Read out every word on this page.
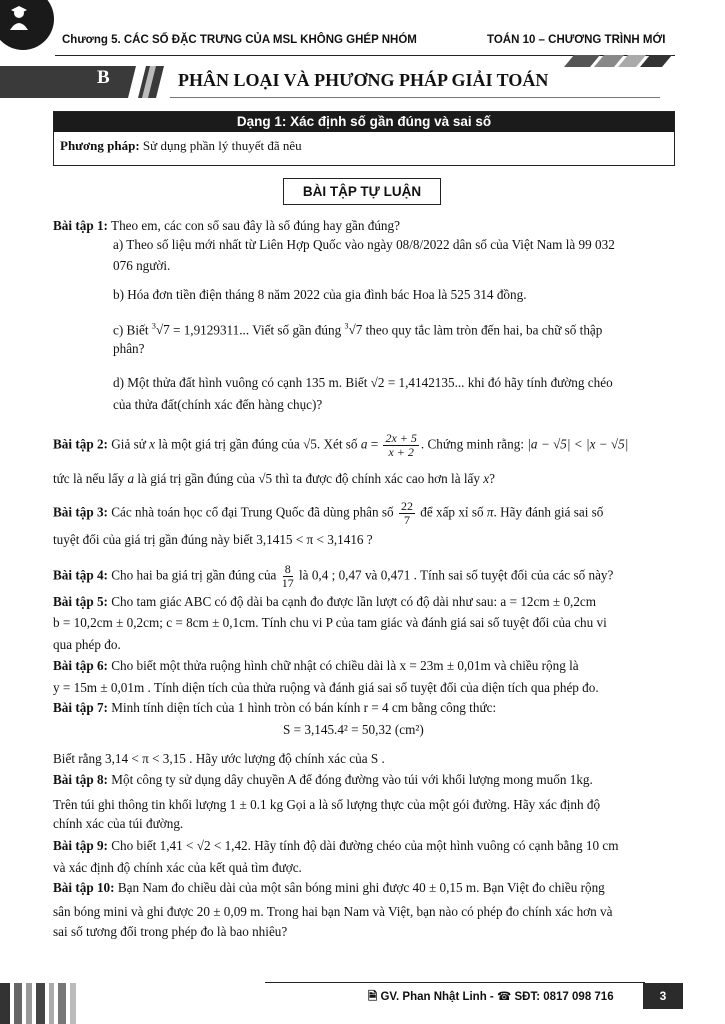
Chương 5. CÁC SỐ ĐẶC TRƯNG CỦA MSL KHÔNG GHÉP NHÓM	TOÁN 10 – CHƯƠNG TRÌNH MỚI
B	PHÂN LOẠI VÀ PHƯƠNG PHÁP GIẢI TOÁN
Dạng 1: Xác định số gần đúng và sai số
Phương pháp: Sử dụng phần lý thuyết đã nêu
BÀI TẬP TỰ LUẬN
Bài tập 1: Theo em, các con số sau đây là số đúng hay gần đúng?
a) Theo số liệu mới nhất từ Liên Hợp Quốc vào ngày 08/8/2022 dân số của Việt Nam là 99 032
076 người.
b) Hóa đơn tiền điện tháng 8 năm 2022 của gia đình bác Hoa là 525 314 đồng.
c) Biết $^3$√7 = 1,9129311... Viết số gần đúng $^3$√7 theo quy tắc làm tròn đến hai, ba chữ số thập
phân?
d) Một thửa đất hình vuông có cạnh 135 m. Biết √2 = 1,4142135... khi đó hãy tính đường chéo
của thửa đất(chính xác đến hàng chục)?
Bài tập 2: Giả sử x là một giá trị gần đúng của √5. Xét số $a = \frac{2x + 5}{x + 2}$ . Chứng minh rằng: |a − √5| < |x − √5|
tức là nếu lấy a là giá trị gần đúng của √5 thì ta được độ chính xác cao hơn là lấy x?
Bài tập 3: Các nhà toán học cổ đại Trung Quốc đã dùng phân số $\frac{22}{7}$ để xấp xỉ số π. Hãy đánh giá sai số
tuyệt đối của giá trị gần đúng này biết 3,1415 < π < 3,1416 ?
Bài tập 4: Cho hai ba giá trị gần đúng của $\frac{8}{17}$ là 0,4 ; 0,47 và 0,471 . Tính sai số tuyệt đối của các số này?
Bài tập 5: Cho tam giác ABC có độ dài ba cạnh đo được lần lượt có độ dài như sau: a = 12cm ± 0,2cm
b = 10,2cm ± 0,2cm; c = 8cm ± 0,1cm. Tính chu vi P của tam giác và đánh giá sai số tuyệt đối của chu vi
qua phép đo.
Bài tập 6: Cho biết một thửa ruộng hình chữ nhật có chiều dài là x = 23m ± 0,01m và chiều rộng là
y = 15m ± 0,01m . Tính diện tích của thửa ruộng và đánh giá sai số tuyệt đối của diện tích qua phép đo.
Bài tập 7: Minh tính diện tích của 1 hình tròn có bán kính r = 4 cm bằng công thức:
S = 3,145.4² = 50,32 (cm²)
Biết rằng 3,14 < π < 3,15 . Hãy ước lượng độ chính xác của S .
Bài tập 8: Một công ty sử dụng dây chuyền A để đóng đường vào túi với khối lượng mong muốn 1kg.
Trên túi ghi thông tin khối lượng 1 ± 0.1 kg Gọi a là số lượng thực của một gói đường. Hãy xác định độ
chính xác của túi đường.
Bài tập 9: Cho biết 1,41 < √2 < 1,42. Hãy tính độ dài đường chéo của một hình vuông có cạnh bằng 10 cm
và xác định độ chính xác của kết quả tìm được.
Bài tập 10: Bạn Nam đo chiều dài của một sân bóng mini ghi được 40 ± 0,15 m. Bạn Việt đo chiều rộng
sân bóng mini và ghi được 20 ± 0,09 m. Trong hai bạn Nam và Việt, bạn nào có phép đo chính xác hơn và
sai số tương đối trong phép đo là bao nhiêu?
🗎 GV. Phan Nhật Linh - ☎ SĐT: 0817 098 716	3
